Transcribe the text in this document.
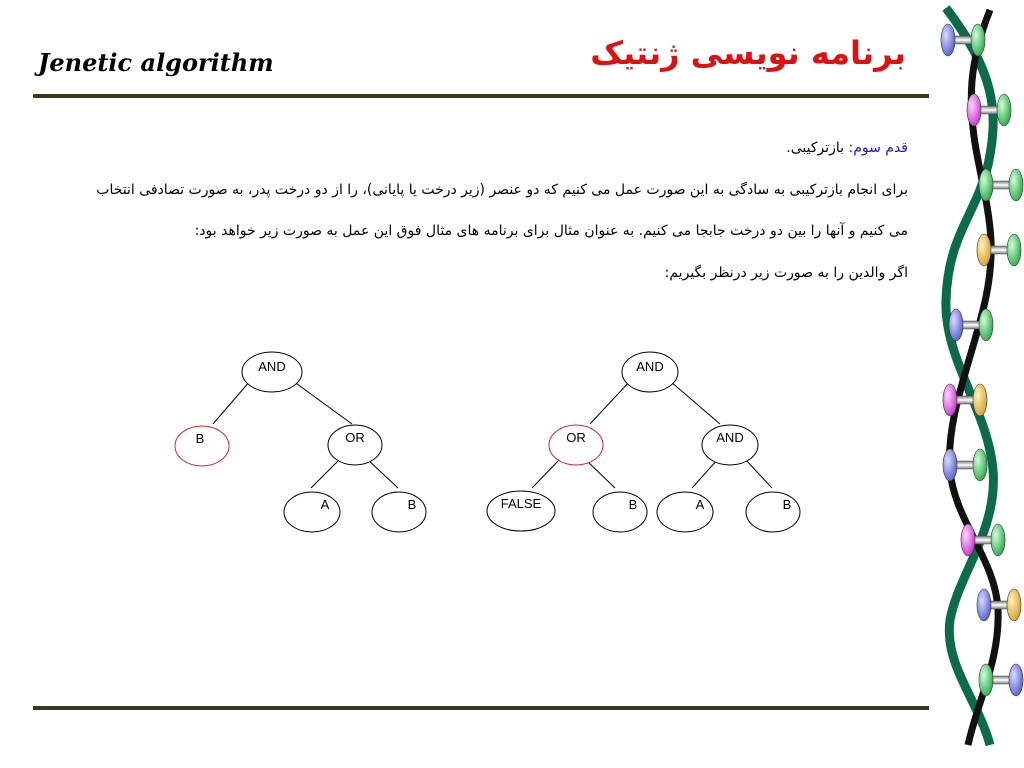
Jenetic algorithm	برنامه نویسی ژنتیک
قدم سوم: بازترکیبی.
برای انجام بازترکیبی به سادگی به این صورت عمل می کنیم که دو عنصر (زیر درخت یا پایانی)، را از دو درخت پدر، به صورت تصادفی انتخاب
می کنیم و آنها را بین دو درخت جابجا می کنیم. به عنوان مثال برای برنامه های مثال فوق این عمل به صورت زیر خواهد بود:
اگر والدین را به صورت زیر درنظر بگیریم:
AND
B	OR
A	B
AND
OR	AND
FALSE	B	A	B
